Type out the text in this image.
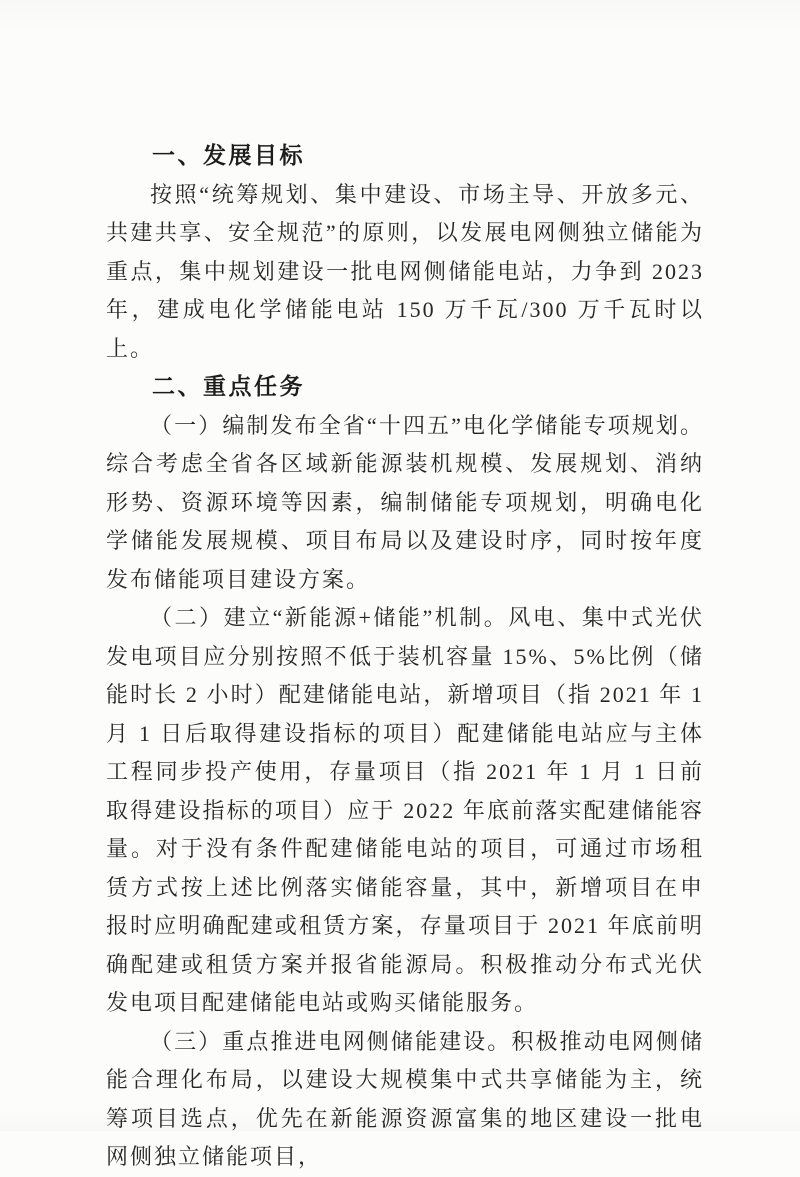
一、发展目标

按照“统筹规划、集中建设、市场主导、开放多元、共建共享、安全规范”的原则，以发展电网侧独立储能为重点，集中规划建设一批电网侧储能电站，力争到 2023 年，建成电化学储能电站 150 万千瓦/300 万千瓦时以上。

二、重点任务

（一）编制发布全省“十四五”电化学储能专项规划。综合考虑全省各区域新能源装机规模、发展规划、消纳形势、资源环境等因素，编制储能专项规划，明确电化学储能发展规模、项目布局以及建设时序，同时按年度发布储能项目建设方案。

（二）建立“新能源+储能”机制。风电、集中式光伏发电项目应分别按照不低于装机容量 15%、5%比例（储能时长 2 小时）配建储能电站，新增项目（指 2021 年 1 月 1 日后取得建设指标的项目）配建储能电站应与主体工程同步投产使用，存量项目（指 2021 年 1 月 1 日前取得建设指标的项目）应于 2022 年底前落实配建储能容量。对于没有条件配建储能电站的项目，可通过市场租赁方式按上述比例落实储能容量，其中，新增项目在申报时应明确配建或租赁方案，存量项目于 2021 年底前明确配建或租赁方案并报省能源局。积极推动分布式光伏发电项目配建储能电站或购买储能服务。

（三）重点推进电网侧储能建设。积极推动电网侧储能合理化布局，以建设大规模集中式共享储能为主，统筹项目选点，优先在新能源资源富集的地区建设一批电网侧独立储能项目，
